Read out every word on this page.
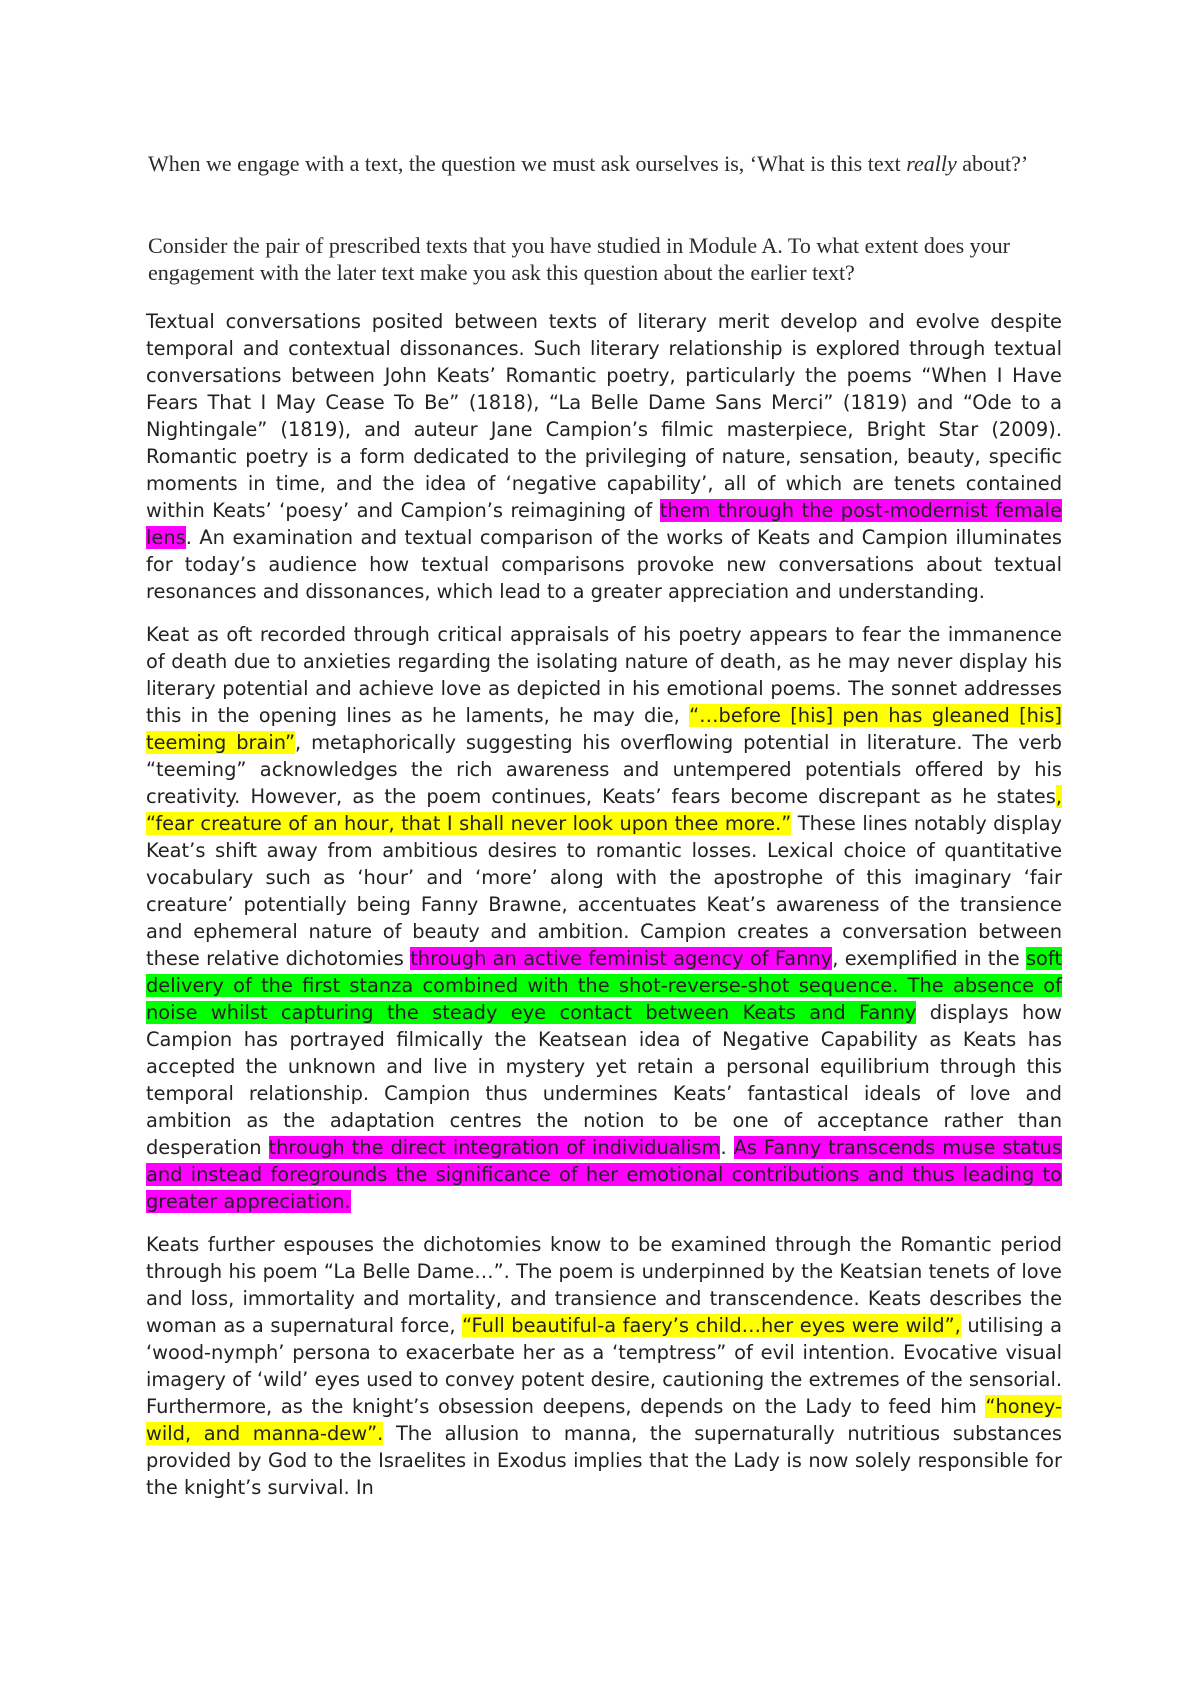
When we engage with a text, the question we must ask ourselves is, ‘What is this text really about?’

Consider the pair of prescribed texts that you have studied in Module A. To what extent does your engagement with the later text make you ask this question about the earlier text?

Textual conversations posited between texts of literary merit develop and evolve despite temporal and contextual dissonances. Such literary relationship is explored through textual conversations between John Keats’ Romantic poetry, particularly the poems “When I Have Fears That I May Cease To Be” (1818), “La Belle Dame Sans Merci” (1819) and “Ode to a Nightingale” (1819), and auteur Jane Campion’s filmic masterpiece, Bright Star (2009). Romantic poetry is a form dedicated to the privileging of nature, sensation, beauty, specific moments in time, and the idea of ‘negative capability’, all of which are tenets contained within Keats’ ‘poesy’ and Campion’s reimagining of them through the post-modernist female lens. An examination and textual comparison of the works of Keats and Campion illuminates for today’s audience how textual comparisons provoke new conversations about textual resonances and dissonances, which lead to a greater appreciation and understanding.

Keat as oft recorded through critical appraisals of his poetry appears to fear the immanence of death due to anxieties regarding the isolating nature of death, as he may never display his literary potential and achieve love as depicted in his emotional poems. The sonnet addresses this in the opening lines as he laments, he may die, “…before [his] pen has gleaned [his] teeming brain”, metaphorically suggesting his overflowing potential in literature. The verb “teeming” acknowledges the rich awareness and untempered potentials offered by his creativity. However, as the poem continues, Keats’ fears become discrepant as he states, “fear creature of an hour, that I shall never look upon thee more.” These lines notably display Keat’s shift away from ambitious desires to romantic losses. Lexical choice of quantitative vocabulary such as ‘hour’ and ‘more’ along with the apostrophe of this imaginary ‘fair creature’ potentially being Fanny Brawne, accentuates Keat’s awareness of the transience and ephemeral nature of beauty and ambition. Campion creates a conversation between these relative dichotomies through an active feminist agency of Fanny, exemplified in the soft delivery of the first stanza combined with the shot-reverse-shot sequence. The absence of noise whilst capturing the steady eye contact between Keats and Fanny displays how Campion has portrayed filmically the Keatsean idea of Negative Capability as Keats has accepted the unknown and live in mystery yet retain a personal equilibrium through this temporal relationship. Campion thus undermines Keats’ fantastical ideals of love and ambition as the adaptation centres the notion to be one of acceptance rather than desperation through the direct integration of individualism. As Fanny transcends muse status and instead foregrounds the significance of her emotional contributions and thus leading to greater appreciation.

Keats further espouses the dichotomies know to be examined through the Romantic period through his poem “La Belle Dame…”. The poem is underpinned by the Keatsian tenets of love and loss, immortality and mortality, and transience and transcendence. Keats describes the woman as a supernatural force, “Full beautiful-a faery’s child…her eyes were wild”, utilising a ‘wood-nymph’ persona to exacerbate her as a ‘temptress” of evil intention. Evocative visual imagery of ‘wild’ eyes used to convey potent desire, cautioning the extremes of the sensorial. Furthermore, as the knight’s obsession deepens, depends on the Lady to feed him “honey-wild, and manna-dew”. The allusion to manna, the supernaturally nutritious substances provided by God to the Israelites in Exodus implies that the Lady is now solely responsible for the knight’s survival. In
